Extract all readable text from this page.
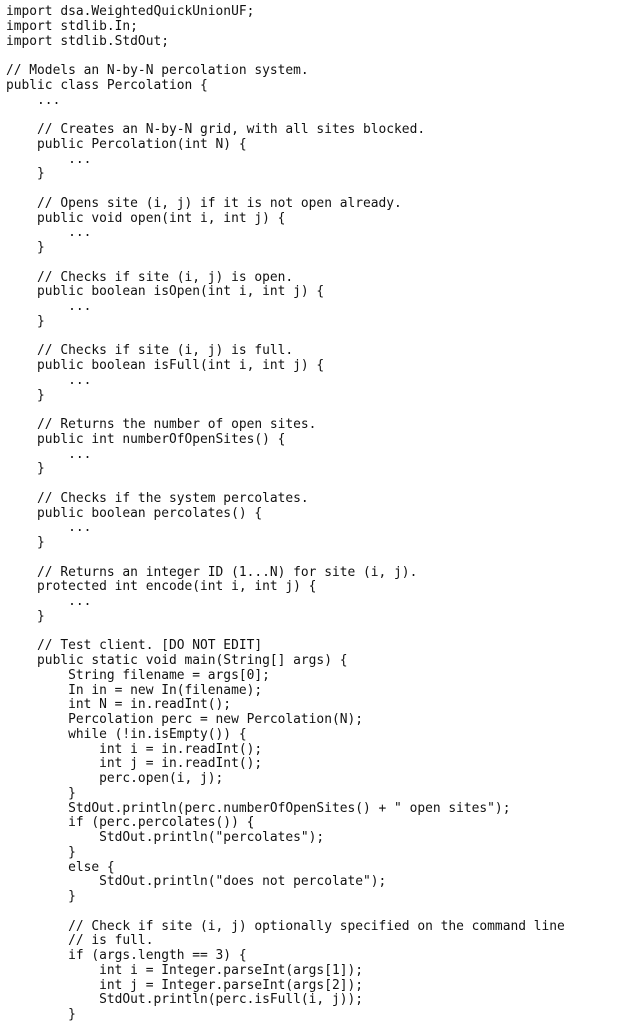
import dsa.WeightedQuickUnionUF;
import stdlib.In;
import stdlib.StdOut;
// Models an N-by-N percolation system.
public class Percolation {
...
// Creates an N-by-N grid, with all sites blocked.
public Percolation(int N) {
...
}
// Opens site (i, j) if it is not open already.
public void open(int i, int j) {
...
}
// Checks if site (i, j) is open.
public boolean isOpen(int i, int j) {
...
}
// Checks if site (i, j) is full.
public boolean isFull(int i, int j) {
...
}
// Returns the number of open sites.
public int numberOfOpenSites() {
...
}
// Checks if the system percolates.
public boolean percolates() {
...
}
// Returns an integer ID (1...N) for site (i, j).
protected int encode(int i, int j) {
...
}
// Test client. [DO NOT EDIT]
public static void main(String[] args) {
String filename = args[0];
In in = new In(filename);
int N = in.readInt();
Percolation perc = new Percolation(N);
while (!in.isEmpty()) {
int i = in.readInt();
int j = in.readInt();
perc.open(i, j);
}
StdOut.println(perc.numberOfOpenSites() + " open sites");
if (perc.percolates()) {
StdOut.println("percolates");
}
else {
StdOut.println("does not percolate");
}
// Check if site (i, j) optionally specified on the command line
// is full.
if (args.length == 3) {
int i = Integer.parseInt(args[1]);
int j = Integer.parseInt(args[2]);
StdOut.println(perc.isFull(i, j));
}
